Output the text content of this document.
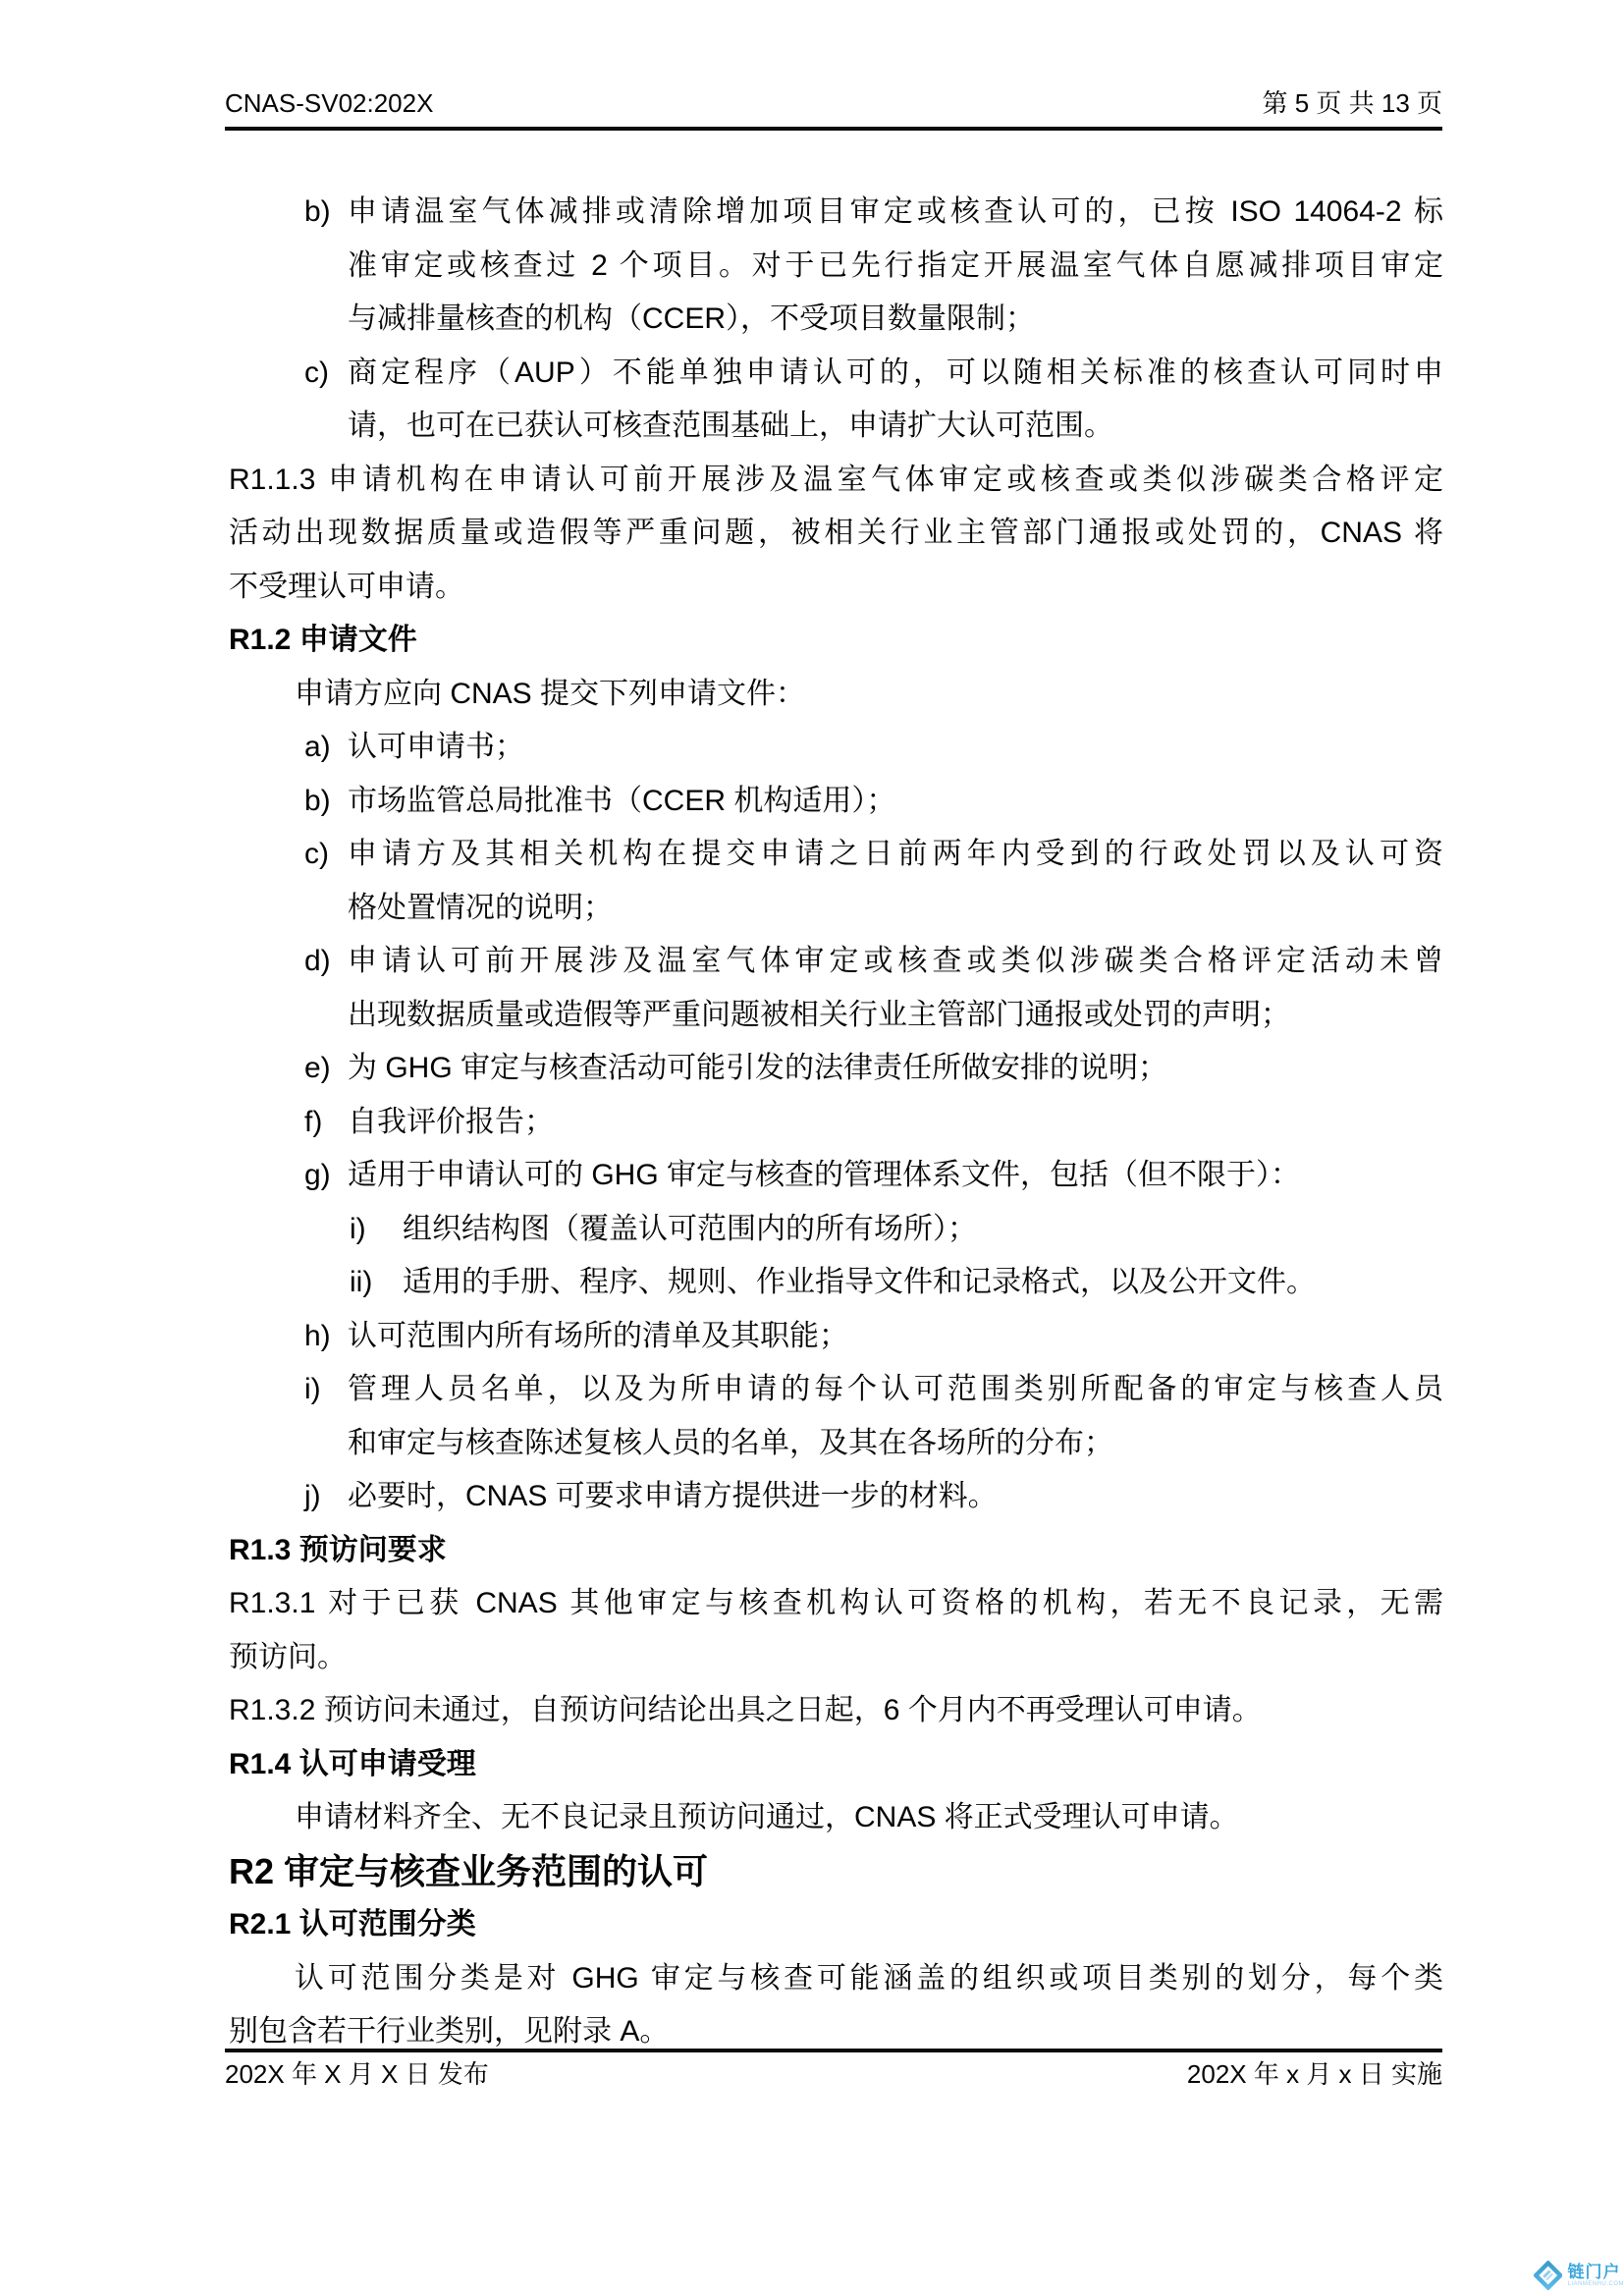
CNAS-SV02:202X	第 5 页 共 13 页
b) 申请温室气体减排或清除增加项目审定或核查认可的，已按 ISO 14064-2 标
准审定或核查过 2 个项目。对于已先行指定开展温室气体自愿减排项目审定
与减排量核查的机构（CCER），不受项目数量限制；
c) 商定程序（AUP）不能单独申请认可的，可以随相关标准的核查认可同时申
请，也可在已获认可核查范围基础上，申请扩大认可范围。
R1.1.3 申请机构在申请认可前开展涉及温室气体审定或核查或类似涉碳类合格评定
活动出现数据质量或造假等严重问题，被相关行业主管部门通报或处罚的，CNAS 将
不受理认可申请。
R1.2 申请文件
申请方应向 CNAS 提交下列申请文件：
a) 认可申请书；
b) 市场监管总局批准书（CCER 机构适用）；
c) 申请方及其相关机构在提交申请之日前两年内受到的行政处罚以及认可资
格处置情况的说明；
d) 申请认可前开展涉及温室气体审定或核查或类似涉碳类合格评定活动未曾
出现数据质量或造假等严重问题被相关行业主管部门通报或处罚的声明；
e) 为 GHG 审定与核查活动可能引发的法律责任所做安排的说明；
f) 自我评价报告；
g) 适用于申请认可的 GHG 审定与核查的管理体系文件，包括（但不限于）：
i) 组织结构图（覆盖认可范围内的所有场所）；
ii) 适用的手册、程序、规则、作业指导文件和记录格式，以及公开文件。
h) 认可范围内所有场所的清单及其职能；
i) 管理人员名单，以及为所申请的每个认可范围类别所配备的审定与核查人员
和审定与核查陈述复核人员的名单，及其在各场所的分布；
j) 必要时，CNAS 可要求申请方提供进一步的材料。
R1.3 预访问要求
R1.3.1 对于已获 CNAS 其他审定与核查机构认可资格的机构，若无不良记录，无需
预访问。
R1.3.2 预访问未通过，自预访问结论出具之日起，6 个月内不再受理认可申请。
R1.4 认可申请受理
申请材料齐全、无不良记录且预访问通过，CNAS 将正式受理认可申请。
R2 审定与核查业务范围的认可
R2.1 认可范围分类
认可范围分类是对 GHG 审定与核查可能涵盖的组织或项目类别的划分，每个类
别包含若干行业类别，见附录 A。
202X 年 X 月 X 日 发布	202X 年 x 月 x 日 实施
链门户
LIANMENHU.COM
